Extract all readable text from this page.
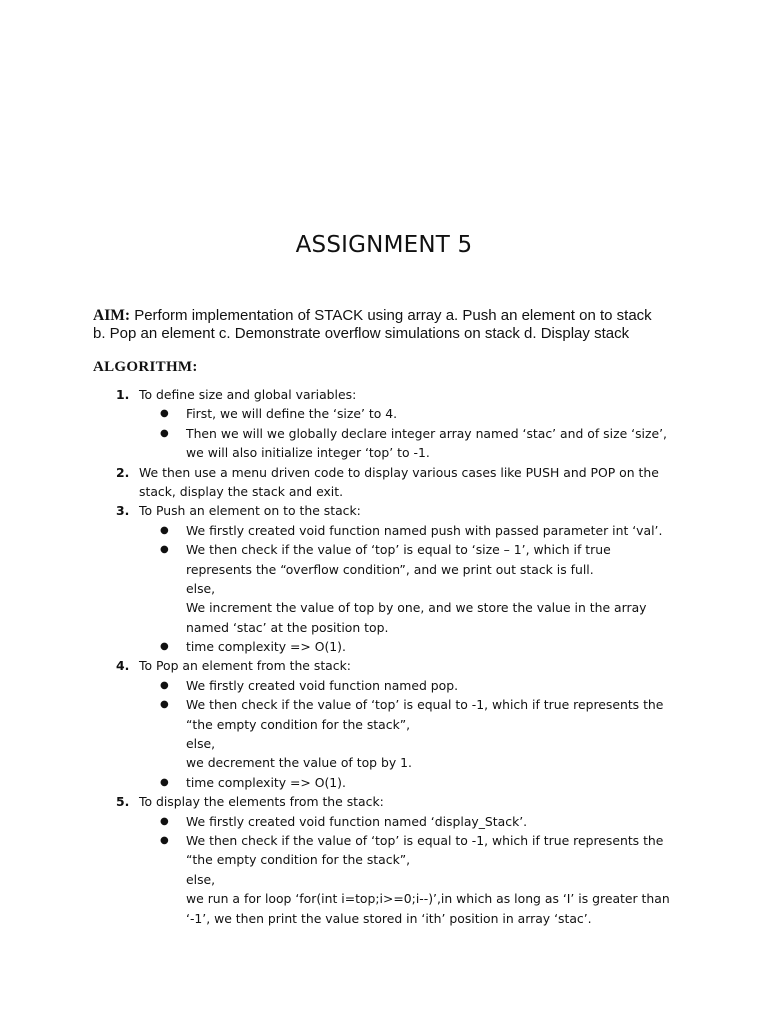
ASSIGNMENT 5
AIM: Perform implementation of STACK using array a. Push an element on to stack
b. Pop an element c. Demonstrate overflow simulations on stack d. Display stack
ALGORITHM:
1. To define size and global variables:
● First, we will define the ‘size’ to 4.
● Then we will we globally declare integer array named ‘stac’ and of size ‘size’,
we will also initialize integer ‘top’ to -1.
2. We then use a menu driven code to display various cases like PUSH and POP on the
stack, display the stack and exit.
3. To Push an element on to the stack:
● We firstly created void function named push with passed parameter int ‘val’.
● We then check if the value of ‘top’ is equal to ‘size – 1’, which if true
represents the “overflow condition”, and we print out stack is full.
else,
We increment the value of top by one, and we store the value in the array
named ‘stac’ at the position top.
● time complexity => O(1).
4. To Pop an element from the stack:
● We firstly created void function named pop.
● We then check if the value of ‘top’ is equal to -1, which if true represents the
“the empty condition for the stack”,
else,
we decrement the value of top by 1.
● time complexity => O(1).
5. To display the elements from the stack:
● We firstly created void function named ‘display_Stack’.
● We then check if the value of ‘top’ is equal to -1, which if true represents the
“the empty condition for the stack”,
else,
we run a for loop ‘for(int i=top;i>=0;i--)’,in which as long as ‘I’ is greater than
‘-1’, we then print the value stored in ‘ith’ position in array ‘stac’.
